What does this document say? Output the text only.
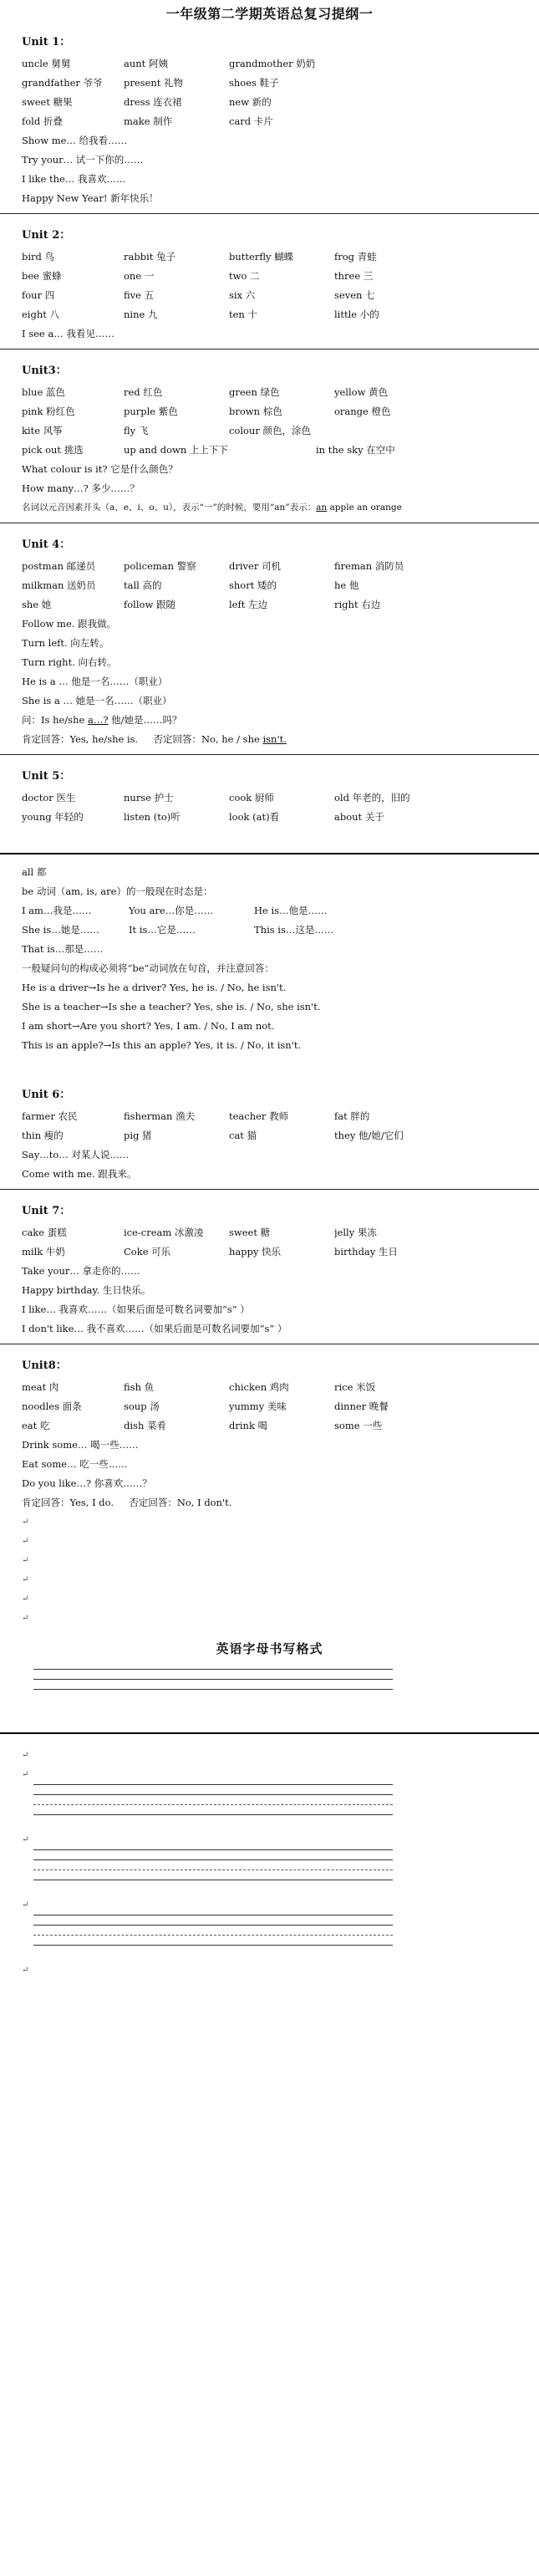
一年级第二学期英语总复习提纲一
Unit 1：
uncle 舅舅	aunt 阿姨	grandmother 奶奶
grandfather 爷爷	present 礼物	shoes 鞋子
sweet 糖果	dress 连衣裙	new 新的
fold 折叠	make 制作	card 卡片
Show me… 给我看……
Try your… 试一下你的……
I like the… 我喜欢……
Happy New Year! 新年快乐！
Unit 2：
bird 鸟	rabbit 兔子	butterfly 蝴蝶	frog 青蛙
bee 蜜蜂	one 一	two 二	three 三
four 四	five 五	six 六	seven 七
eight 八	nine 九	ten 十	little 小的
I see a… 我看见……
Unit3：
blue 蓝色	red 红色	green 绿色	yellow 黄色
pink 粉红色	purple 紫色	brown 棕色	orange 橙色
kite 风筝	fly 飞	colour 颜色，涂色
pick out 挑选	up and down 上上下下	in the sky 在空中
What colour is it? 它是什么颜色？
How many…? 多少……？
名词以元音因素开头（a、e、i、o、u），表示“一”的时候，要用“an”表示：an apple an orange
Unit 4：
postman 邮递员	policeman 警察	driver 司机	fireman 消防员
milkman 送奶员	tall 高的	short 矮的	he 他
she 她	follow 跟随	left 左边	right 右边
Follow me. 跟我做。
Turn left. 向左转。
Turn right. 向右转。
He is a … 他是一名……（职业）
She is a … 她是一名……（职业）
问：Is he/she a…? 他/她是……吗？
肯定回答：Yes, he/she is.     否定回答：No, he / she isn't.
Unit 5：
doctor 医生	nurse 护士	cook 厨师	old 年老的，旧的
young 年轻的	listen (to)听	look (at)看	about 关于
all 都
be 动词（am, is, are）的一般现在时态是：
I am…我是……	You are…你是……	He is…他是……
She is…她是……	It is…它是……	This is…这是……
That is…那是……
一般疑问句的构成必须将“be”动词放在句首，并注意回答：
He is a driver→Is he a driver? Yes, he is. / No, he isn't.
She is a teacher→Is she a teacher? Yes, she is. / No, she isn't.
I am short→Are you short? Yes, I am. / No, I am not.
This is an apple?→Is this an apple? Yes, it is. / No, it isn't.
Unit 6：
farmer 农民	fisherman 渔夫	teacher 教师	fat 胖的
thin 瘦的	pig 猪	cat 猫	they 他/她/它们
Say…to… 对某人说……
Come with me. 跟我来。
Unit 7：
cake 蛋糕	ice-cream 冰激凌	sweet 糖	jelly 果冻
milk 牛奶	Coke 可乐	happy 快乐	birthday 生日
Take your… 拿走你的……
Happy birthday. 生日快乐。
I like… 我喜欢……（如果后面是可数名词要加“s” ）
I don't like… 我不喜欢……（如果后面是可数名词要加“s” ）
Unit8：
meat 肉	fish 鱼	chicken 鸡肉	rice 米饭
noodles 面条	soup 汤	yummy 美味	dinner 晚餐
eat 吃	dish 菜肴	drink 喝	some 一些
Drink some… 喝一些……
Eat some… 吃一些……
Do you like…? 你喜欢……？
肯定回答：Yes, I do.     否定回答：No, I don't.
↵
↵
↵
↵
↵
↵
英语字母书写格式
↵
↵
↵
↵
↵
